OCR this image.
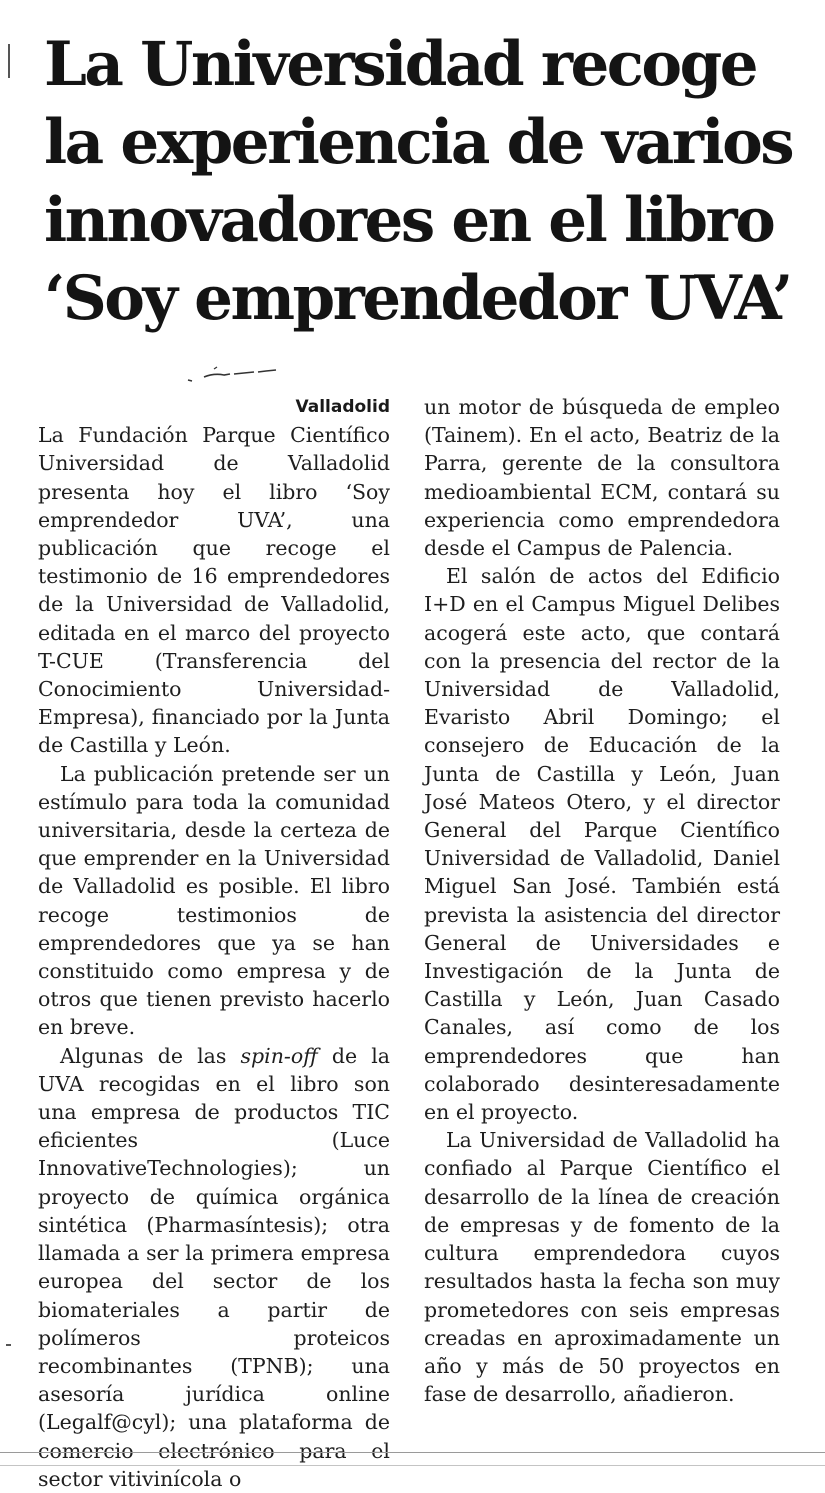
La Universidad recoge
la experiencia de varios
innovadores en el libro
‘Soy emprendedor UVA’
Valladolid

La Fundación Parque Científico Universidad de Valladolid presenta hoy el libro ‘Soy emprendedor UVA’, una publicación que recoge el testimonio de 16 emprendedores de la Universidad de Valladolid, editada en el marco del proyecto T-CUE (Transferencia del Conocimiento Universidad-Empresa), financiado por la Junta de Castilla y León.

La publicación pretende ser un estímulo para toda la comunidad universitaria, desde la certeza de que emprender en la Universidad de Valladolid es posible. El libro recoge testimonios de emprendedores que ya se han constituido como empresa y de otros que tienen previsto hacerlo en breve.

Algunas de las spin-off de la UVA recogidas en el libro son una empresa de productos TIC eficientes (Luce InnovativeTechnologies); un proyecto de química orgánica sintética (Pharmasíntesis); otra llamada a ser la primera empresa europea del sector de los biomateriales a partir de polímeros proteicos recombinantes (TPNB); una asesoría jurídica online (Legalf@cyl); una plataforma de comercio electrónico para el sector vitivinícola o

un motor de búsqueda de empleo (Tainem). En el acto, Beatriz de la Parra, gerente de la consultora medioambiental ECM, contará su experiencia como emprendedora desde el Campus de Palencia.

El salón de actos del Edificio I+D en el Campus Miguel Delibes acogerá este acto, que contará con la presencia del rector de la Universidad de Valladolid, Evaristo Abril Domingo; el consejero de Educación de la Junta de Castilla y León, Juan José Mateos Otero, y el director General del Parque Científico Universidad de Valladolid, Daniel Miguel San José. También está prevista la asistencia del director General de Universidades e Investigación de la Junta de Castilla y León, Juan Casado Canales, así como de los emprendedores que han colaborado desinteresadamente en el proyecto.

La Universidad de Valladolid ha confiado al Parque Científico el desarrollo de la línea de creación de empresas y de fomento de la cultura emprendedora cuyos resultados hasta la fecha son muy prometedores con seis empresas creadas en aproximadamente un año y más de 50 proyectos en fase de desarrollo, añadieron.
